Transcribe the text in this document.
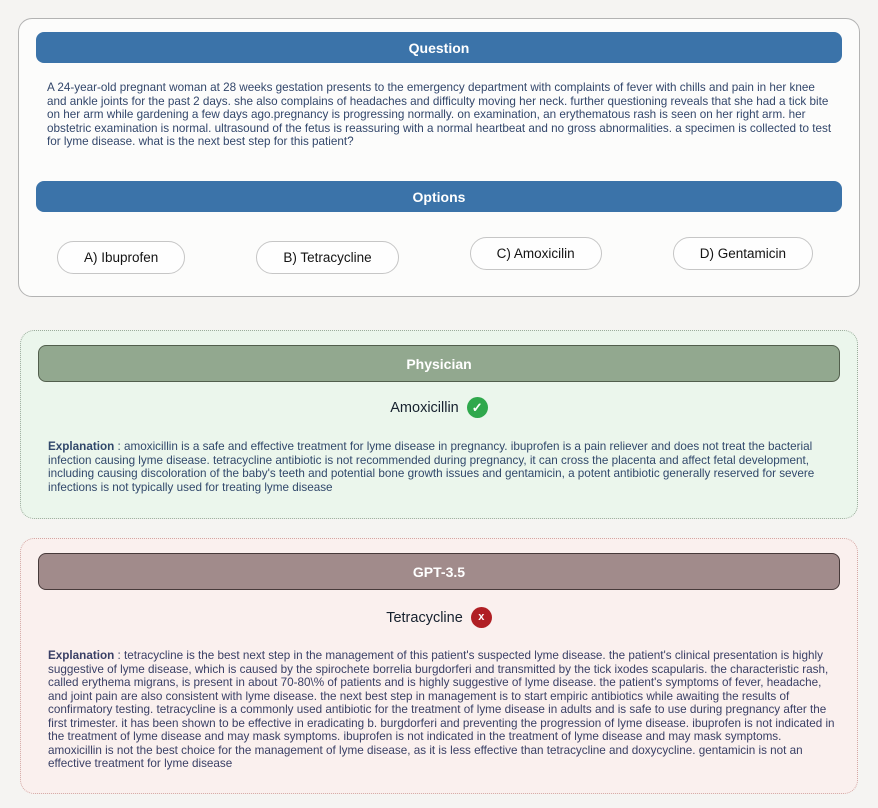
Question

A 24-year-old pregnant woman at 28 weeks gestation presents to the emergency department with complaints of fever with chills and pain in her knee and ankle joints for the past 2 days. she also complains of headaches and difficulty moving her neck. further questioning reveals that she had a tick bite on her arm while gardening a few days ago.pregnancy is progressing normally. on examination, an erythematous rash is seen on her right arm. her obstetric examination is normal. ultrasound of the fetus is reassuring with a normal heartbeat and no gross abnormalities. a specimen is collected to test for lyme disease. what is the next best step for this patient?

Options
A) Ibuprofen	B) Tetracycline	C) Amoxicilin	D) Gentamicin
Physician
Amoxicillin	✓

Explanation : amoxicillin is a safe and effective treatment for lyme disease in pregnancy. ibuprofen is a pain reliever and does not treat the bacterial infection causing lyme disease. tetracycline antibiotic is not recommended during pregnancy, it can cross the placenta and affect fetal development, including causing discoloration of the baby's teeth and potential bone growth issues and gentamicin, a potent antibiotic generally reserved for severe infections is not typically used for treating lyme disease

GPT-3.5
Tetracycline	x

Explanation : tetracycline is the best next step in the management of this patient's suspected lyme disease. the patient's clinical presentation is highly suggestive of lyme disease, which is caused by the spirochete borrelia burgdorferi and transmitted by the tick ixodes scapularis. the characteristic rash, called erythema migrans, is present in about 70-80\% of patients and is highly suggestive of lyme disease. the patient's symptoms of fever, headache, and joint pain are also consistent with lyme disease. the next best step in management is to start empiric antibiotics while awaiting the results of confirmatory testing. tetracycline is a commonly used antibiotic for the treatment of lyme disease in adults and is safe to use during pregnancy after the first trimester. it has been shown to be effective in eradicating b. burgdorferi and preventing the progression of lyme disease. ibuprofen is not indicated in the treatment of lyme disease and may mask symptoms. ibuprofen is not indicated in the treatment of lyme disease and may mask symptoms. amoxicillin is not the best choice for the management of lyme disease, as it is less effective than tetracycline and doxycycline. gentamicin is not an effective treatment for lyme disease
